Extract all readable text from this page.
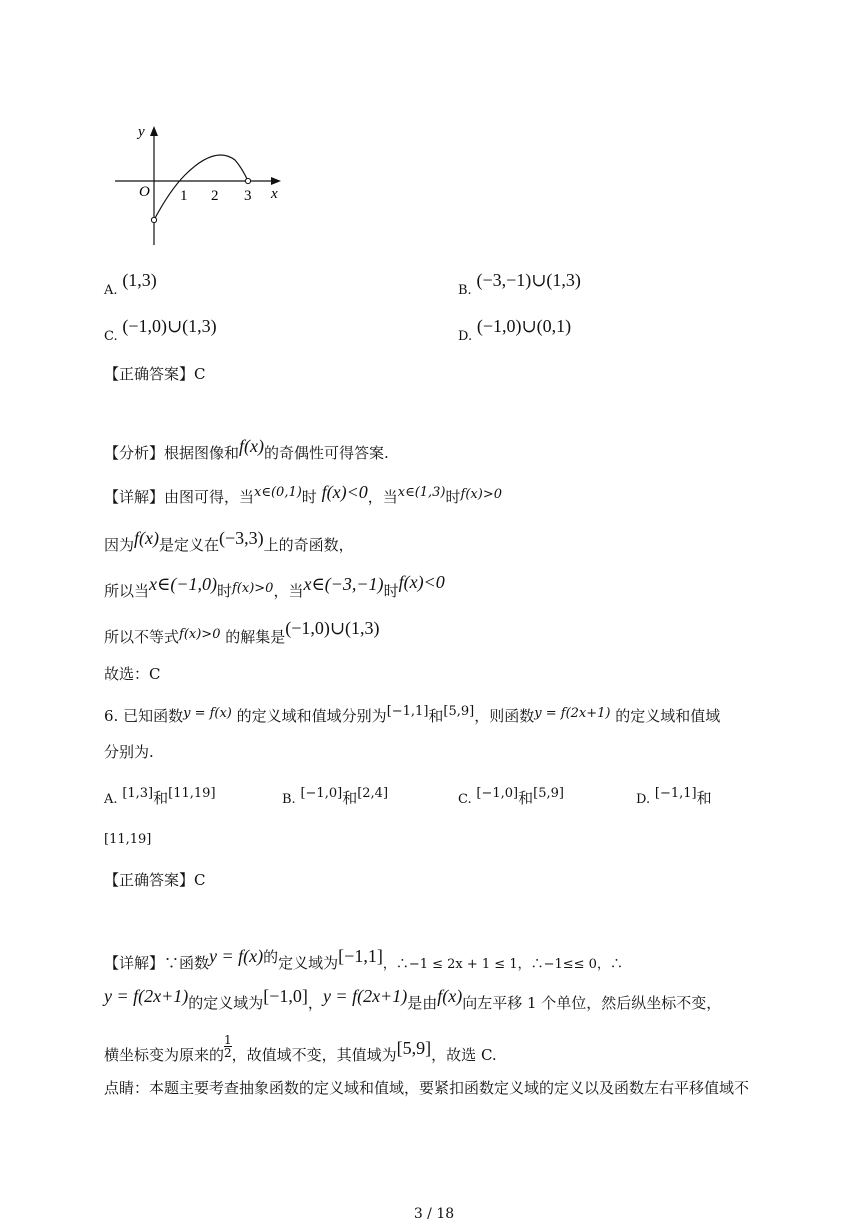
y
x
O 1 2 3
A. (1,3)
B. (−3,−1)∪(1,3)
C. (−1,0)∪(1,3)
D. (−1,0)∪(0,1)
【正确答案】C
【分析】根据图像和f(x)的奇偶性可得答案.
【详解】由图可得，当x∈(0,1)时 f(x)<0，当x∈(1,3)时f(x)>0
因为f(x)是定义在(−3,3)上的奇函数，
所以当x∈(−1,0)时f(x)>0，当x∈(−3,−1)时f(x)<0
所以不等式f(x)>0 的解集是(−1,0)∪(1,3)
故选：C
6. 已知函数y = f(x) 的定义域和值域分别为[−1,1]和[5,9]，则函数y = f(2x+1) 的定义域和值域
分别为.
A. [1,3]和[11,19]	B. [−1,0]和[2,4]	C. [−1,0]和[5,9]	D. [−1,1]和
[11,19]
【正确答案】C
【详解】∵函数y = f(x)的定义域为[−1,1]，∴−1 ≤ 2x + 1 ≤ 1，∴−1≤≤ 0，∴
y = f(2x+1)的定义域为[−1,0]，y = f(2x+1)是由f(x)向左平移 1 个单位，然后纵坐标不变，
横坐标变为原来的$\frac{1}{2}$ ，故值域不变，其值域为[5,9]，故选 C.
点睛：本题主要考查抽象函数的定义域和值域，要紧扣函数定义域的定义以及函数左右平移值域不
3 / 18
